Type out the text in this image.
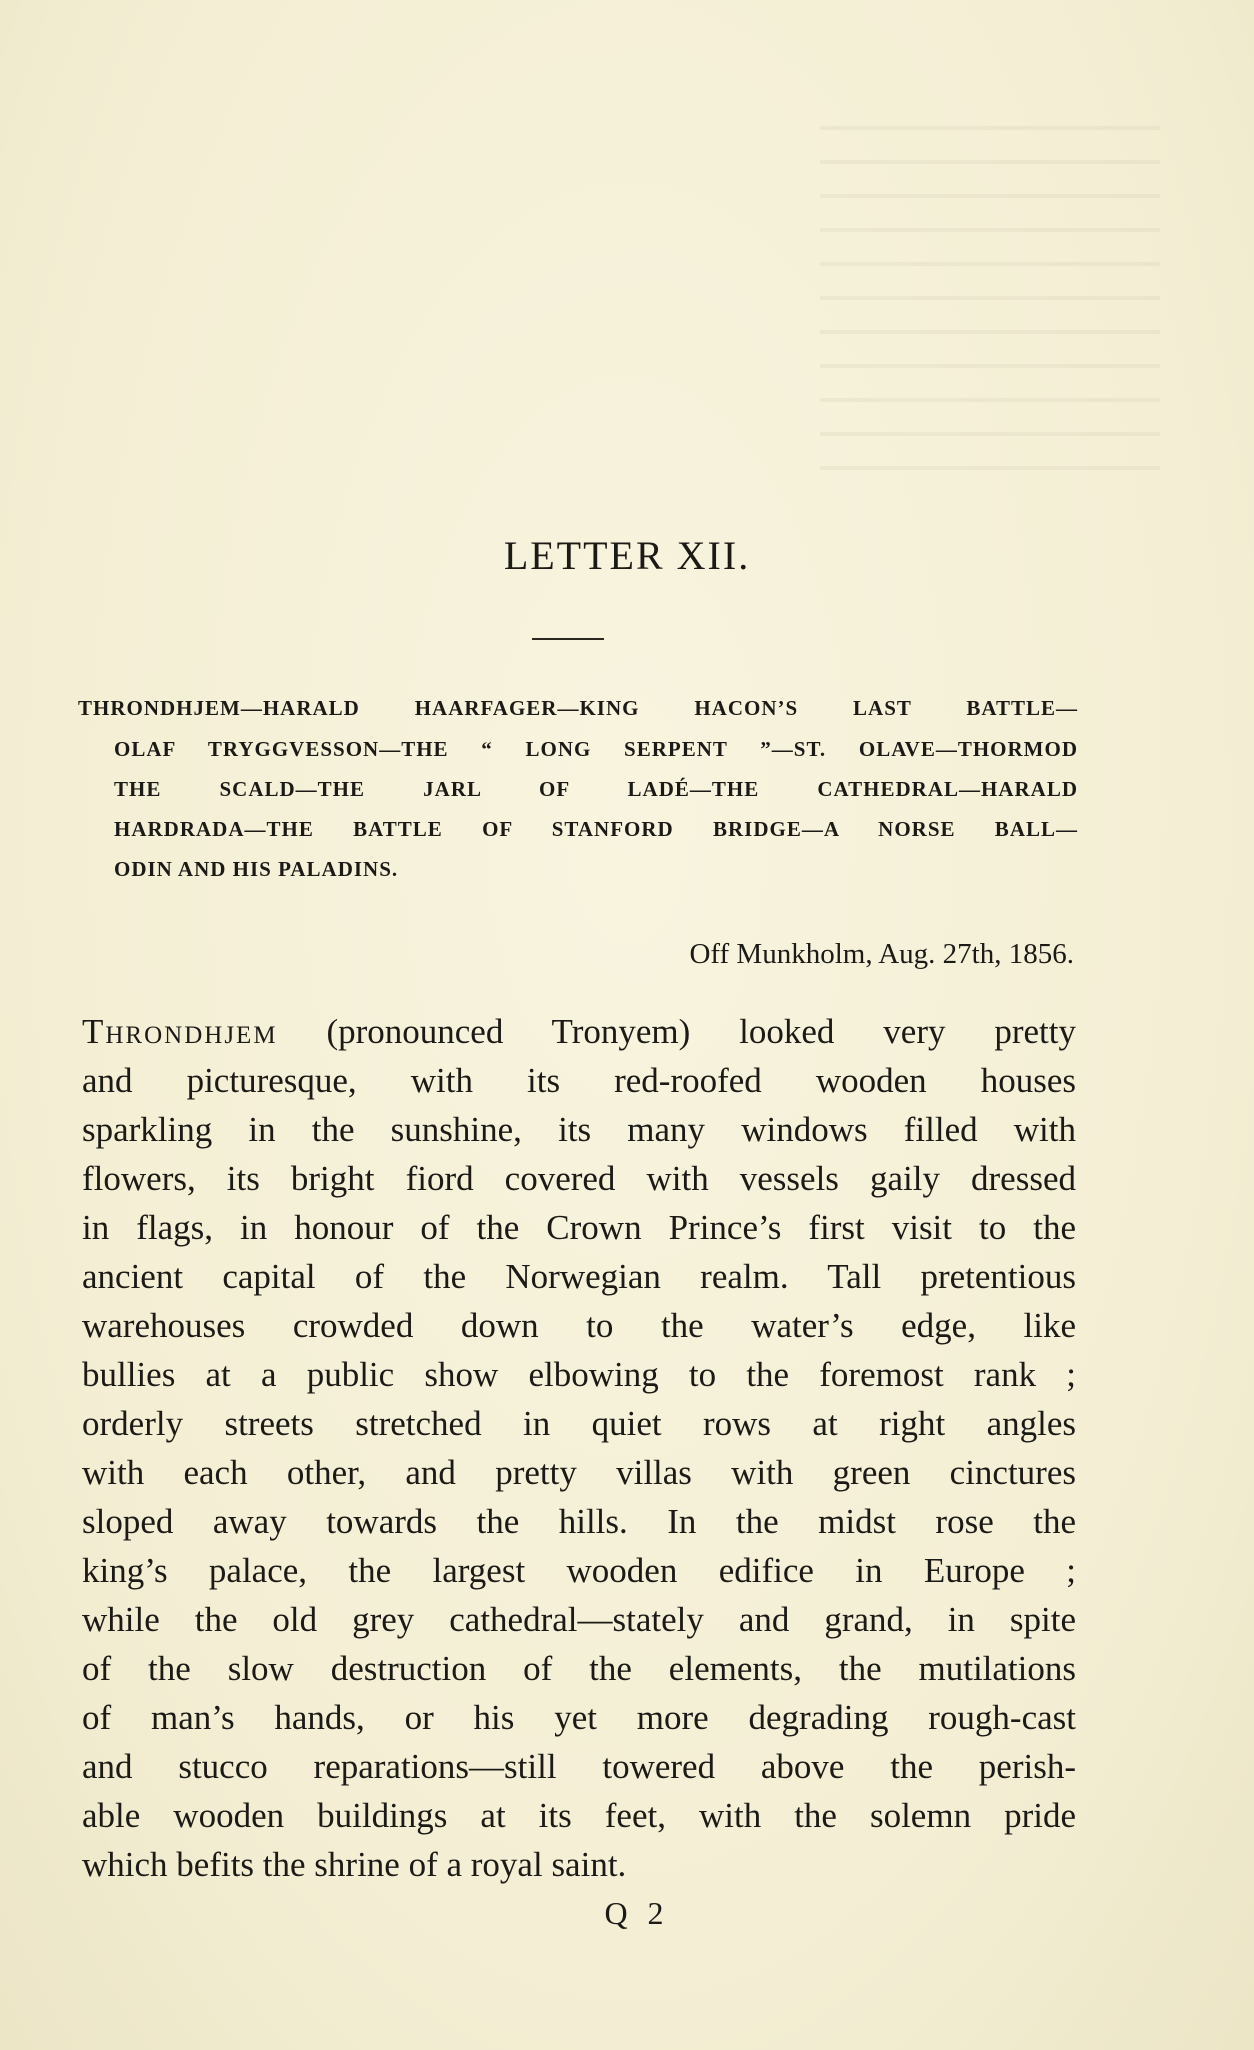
LETTER XII.
THRONDHJEM—HARALD HAARFAGER—KING HACON’S LAST BATTLE—
OLAF TRYGGVESSON—THE “ LONG SERPENT ”—ST. OLAVE—THORMOD
THE SCALD—THE JARL OF LADÉ—THE CATHEDRAL—HARALD
HARDRADA—THE BATTLE OF STANFORD BRIDGE—A NORSE BALL—
ODIN AND HIS PALADINS.
Off Munkholm, Aug. 27th, 1856.
Throndhjem (pronounced Tronyem) looked very pretty
and picturesque, with its red-roofed wooden houses
sparkling in the sunshine, its many windows filled with
flowers, its bright fiord covered with vessels gaily dressed
in flags, in honour of the Crown Prince’s first visit to the
ancient capital of the Norwegian realm. Tall pretentious
warehouses crowded down to the water’s edge, like
bullies at a public show elbowing to the foremost rank ;
orderly streets stretched in quiet rows at right angles
with each other, and pretty villas with green cinctures
sloped away towards the hills. In the midst rose the
king’s palace, the largest wooden edifice in Europe ;
while the old grey cathedral—stately and grand, in spite
of the slow destruction of the elements, the mutilations
of man’s hands, or his yet more degrading rough-cast
and stucco reparations—still towered above the perish-
able wooden buildings at its feet, with the solemn pride
which befits the shrine of a royal saint.
Q 2
